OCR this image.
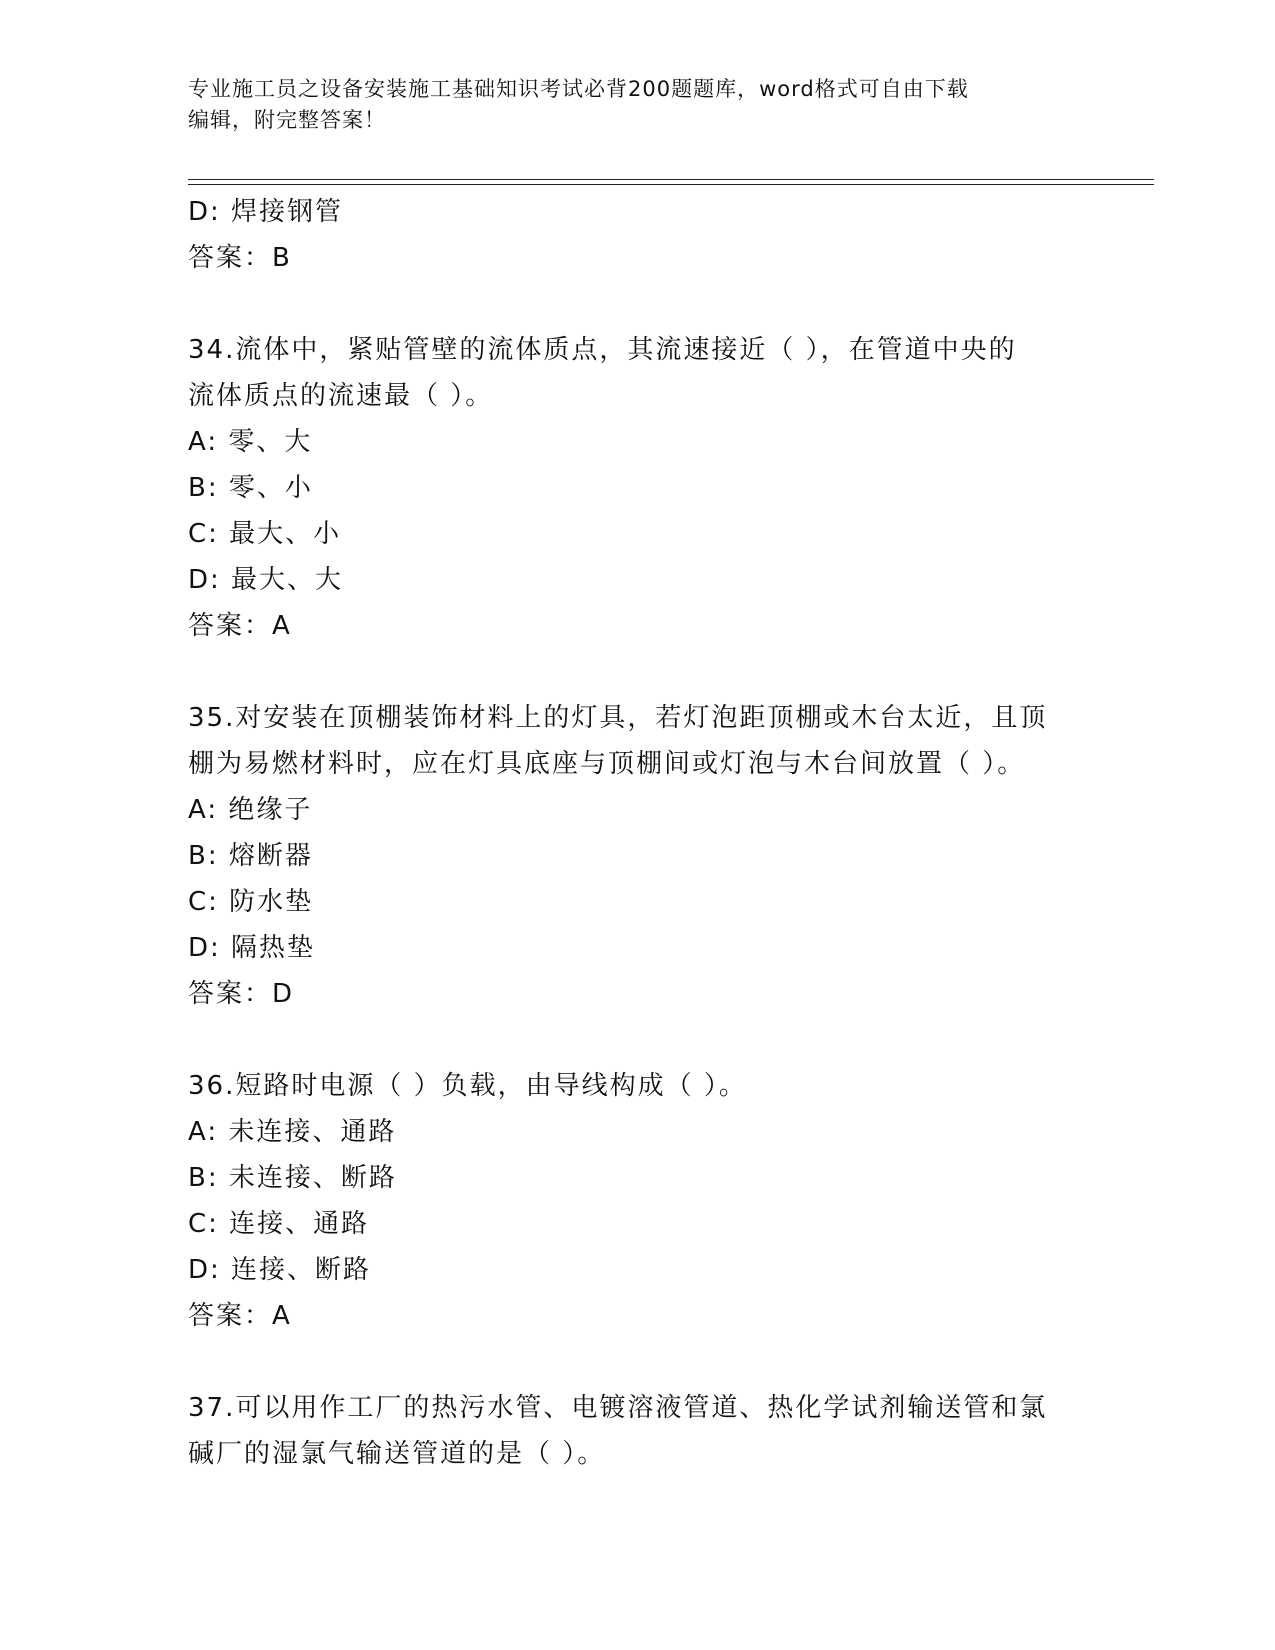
专业施工员之设备安装施工基础知识考试必背200题题库，word格式可自由下载
编辑，附完整答案！
D: 焊接钢管
答案：B
34.流体中，紧贴管壁的流体质点，其流速接近（ ），在管道中央的
流体质点的流速最（ ）。
A: 零、大
B: 零、小
C: 最大、小
D: 最大、大
答案：A
35.对安装在顶棚装饰材料上的灯具，若灯泡距顶棚或木台太近，且顶
棚为易燃材料时，应在灯具底座与顶棚间或灯泡与木台间放置（ ）。
A: 绝缘子
B: 熔断器
C: 防水垫
D: 隔热垫
答案：D
36.短路时电源（ ）负载，由导线构成（ ）。
A: 未连接、通路
B: 未连接、断路
C: 连接、通路
D: 连接、断路
答案：A
37.可以用作工厂的热污水管、电镀溶液管道、热化学试剂输送管和氯
碱厂的湿氯气输送管道的是（ ）。
